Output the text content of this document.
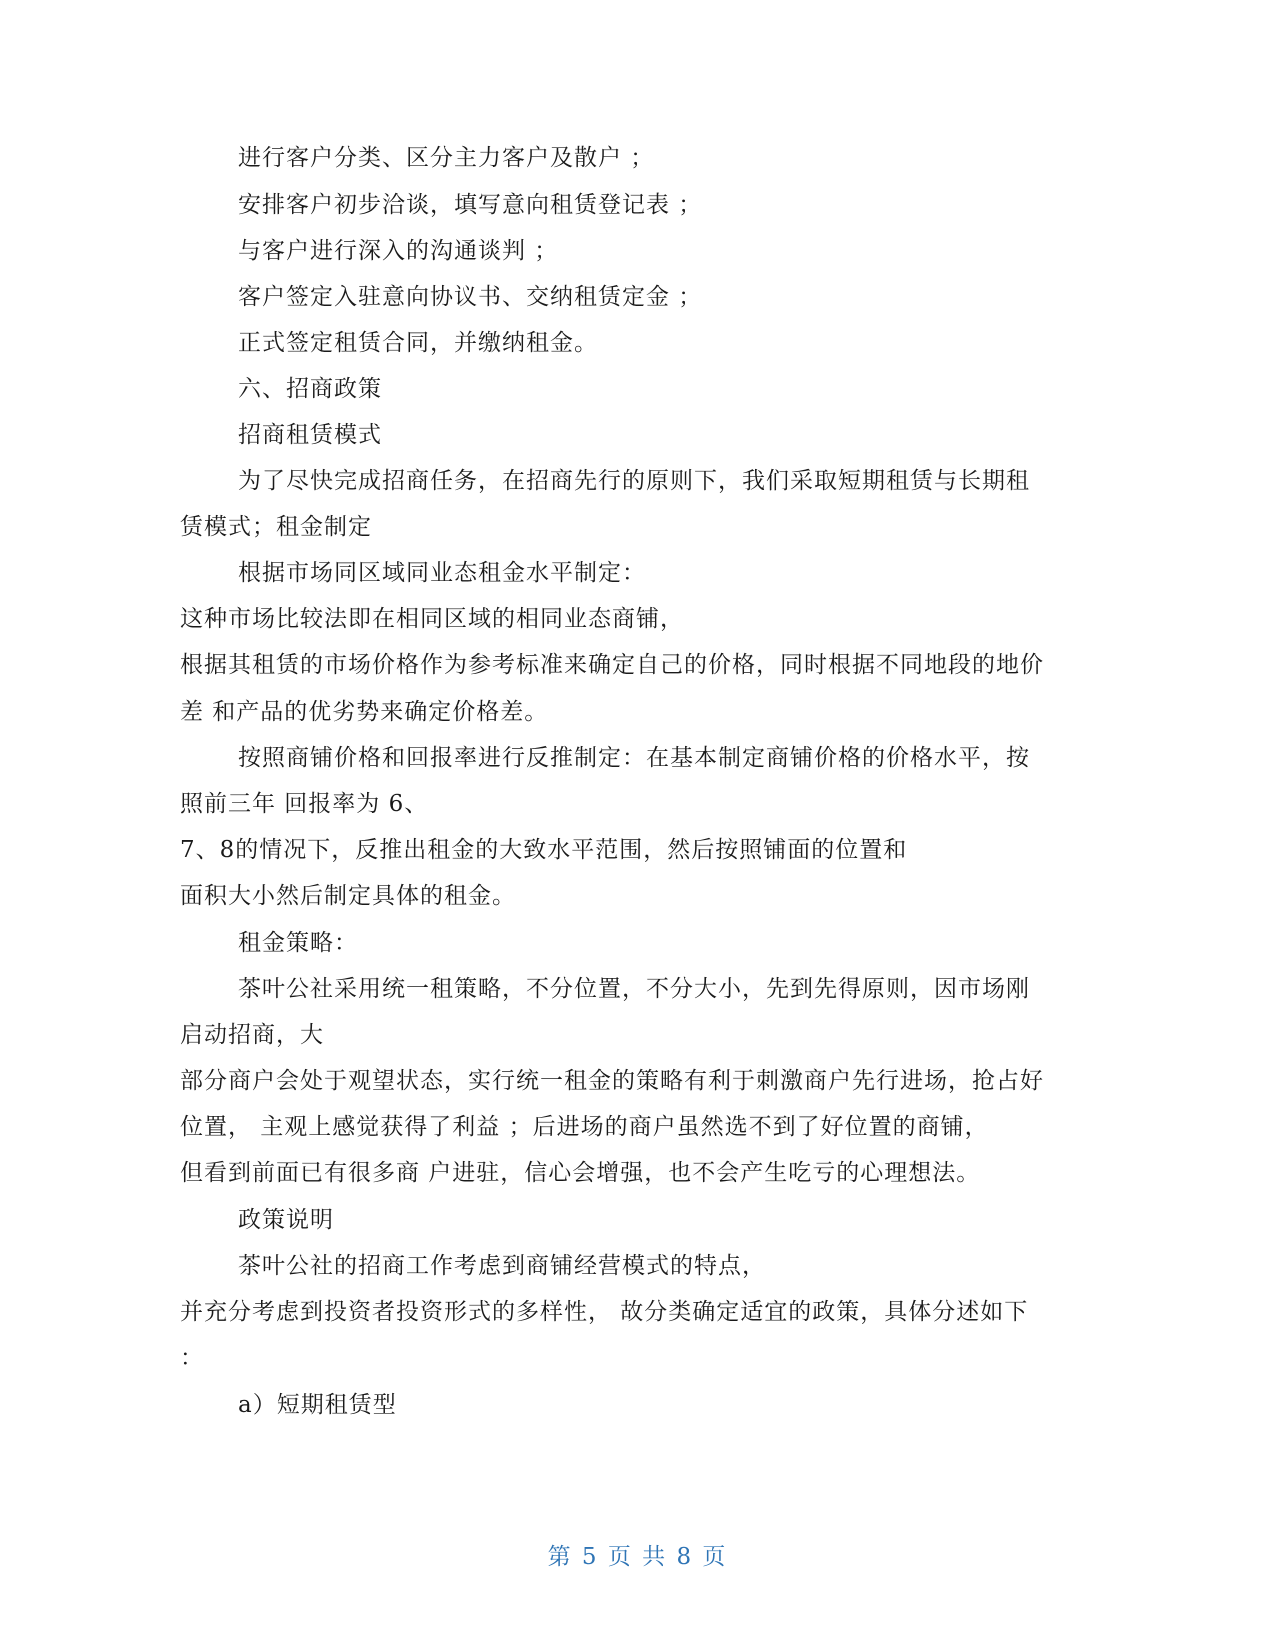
进行客户分类、区分主力客户及散户 ；
安排客户初步洽谈，填写意向租赁登记表 ；
与客户进行深入的沟通谈判 ；
客户签定入驻意向协议书、交纳租赁定金 ；
正式签定租赁合同，并缴纳租金。
六、招商政策
招商租赁模式
为了尽快完成招商任务，在招商先行的原则下，我们采取短期租赁与长期租
赁模式；租金制定
根据市场同区域同业态租金水平制定：
这种市场比较法即在相同区域的相同业态商铺，
根据其租赁的市场价格作为参考标准来确定自己的价格，同时根据不同地段的地价
差 和产品的优劣势来确定价格差。
按照商铺价格和回报率进行反推制定：在基本制定商铺价格的价格水平，按
照前三年 回报率为 6、
7、8的情况下，反推出租金的大致水平范围，然后按照铺面的位置和
面积大小然后制定具体的租金。
租金策略：
茶叶公社采用统一租策略，不分位置，不分大小，先到先得原则，因市场刚
启动招商，大
部分商户会处于观望状态，实行统一租金的策略有利于刺激商户先行进场，抢占好
位置， 主观上感觉获得了利益 ；后进场的商户虽然选不到了好位置的商铺，
但看到前面已有很多商 户进驻，信心会增强，也不会产生吃亏的心理想法。
政策说明
茶叶公社的招商工作考虑到商铺经营模式的特点，
并充分考虑到投资者投资形式的多样性， 故分类确定适宜的政策，具体分述如下
：
a）短期租赁型
第 5 页 共 8 页
